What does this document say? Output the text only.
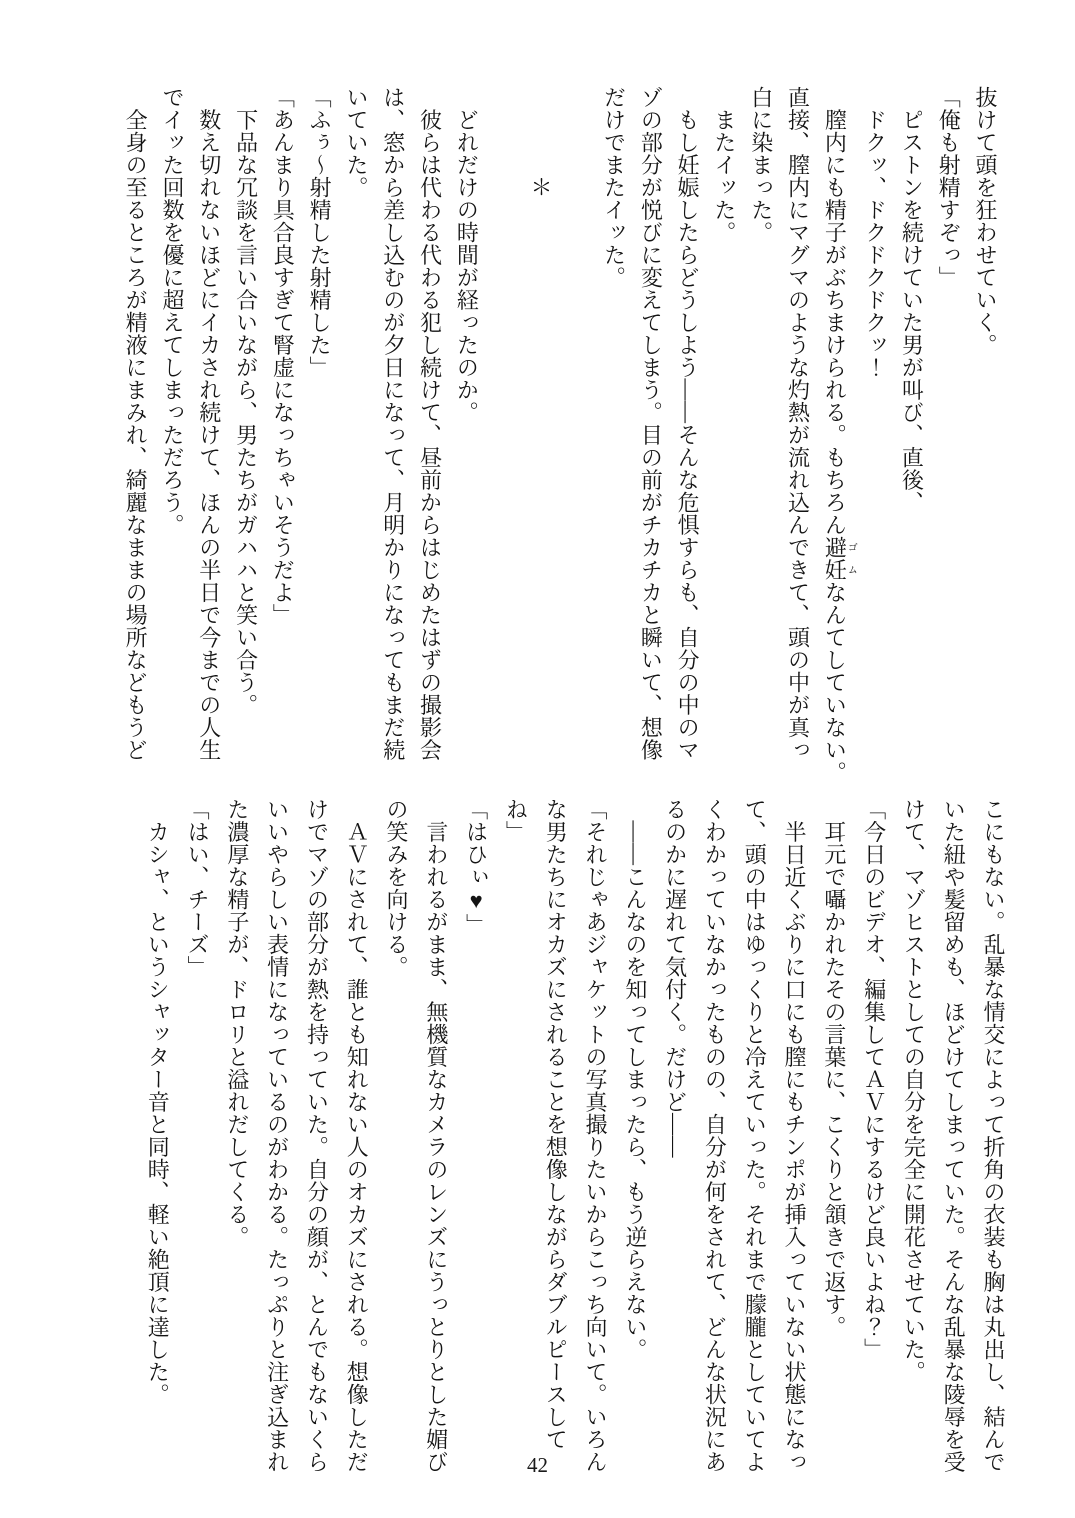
抜けて頭を狂わせていく。
「俺も射精すぞっ」
　ピストンを続けていた男が叫び、直後、
　ドクッ、ドクドクドクッ！
　膣内にも精子がぶちまけられる。もちろん避妊ゴムなんてしていない。
直接、膣内にマグマのような灼熱が流れ込んできて、頭の中が真っ
白に染まった。
　またイッた。
　もし妊娠したらどうしよう――そんな危惧すらも、自分の中のマ
ゾの部分が悦びに変えてしまう。目の前がチカチカと瞬いて、想像
だけでまたイッた。

　　　　＊

　どれだけの時間が経ったのか。
　彼らは代わる代わる犯し続けて、昼前からはじめたはずの撮影会
は、窓から差し込むのが夕日になって、月明かりになってもまだ続
いていた。
「ふぅ〜射精した射精した」
「あんまり具合良すぎて腎虚になっちゃいそうだよ」
　下品な冗談を言い合いながら、男たちがガハハと笑い合う。
　数え切れないほどにイカされ続けて、ほんの半日で今までの人生
でイッた回数を優に超えてしまっただろう。
　全身の至るところが精液にまみれ、綺麗なままの場所などもうど
こにもない。乱暴な情交によって折角の衣装も胸は丸出し、結んで
いた紐や髪留めも、ほどけてしまっていた。そんな乱暴な陵辱を受
けて、マゾヒストとしての自分を完全に開花させていた。
「今日のビデオ、編集してＡＶにするけど良いよね？」
　耳元で囁かれたその言葉に、こくりと頷きで返す。
　半日近くぶりに口にも膣にもチンポが挿入っていない状態になっ
て、頭の中はゆっくりと冷えていった。それまで朦朧としていてよ
くわかっていなかったものの、自分が何をされて、どんな状況にあ
るのかに遅れて気付く。だけど――
　――こんなのを知ってしまったら、もう逆らえない。
「それじゃあジャケットの写真撮りたいからこっち向いて。いろん
な男たちにオカズにされることを想像しながらダブルピースして
ね」
「はひぃ♥」
　言われるがまま、無機質なカメラのレンズにうっとりとした媚び
の笑みを向ける。
　ＡＶにされて、誰とも知れない人のオカズにされる。想像しただ
けでマゾの部分が熱を持っていた。自分の顔が、とんでもないくら
いいやらしい表情になっているのがわかる。たっぷりと注ぎ込まれ
た濃厚な精子が、ドロリと溢れだしてくる。
「はい、チーズ」
　カシャ、というシャッター音と同時、軽い絶頂に達した。
42
